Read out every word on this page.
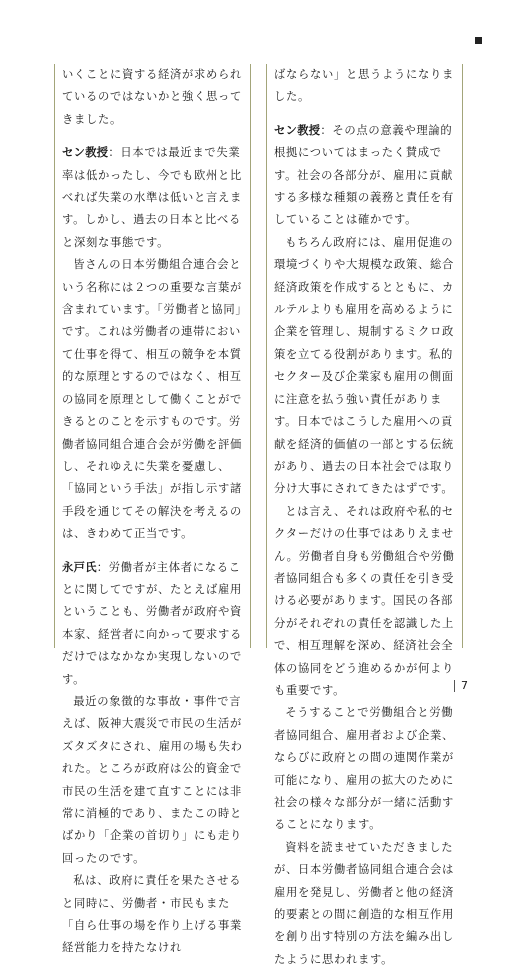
いくことに資する経済が求められているのではないかと強く思ってきました。

セン教授：日本では最近まで失業率は低かったし、今でも欧州と比べれば失業の水準は低いと言えます。しかし、過去の日本と比べると深刻な事態です。

皆さんの日本労働組合連合会という名称には２つの重要な言葉が含まれています。「労働者と協同」です。これは労働者の連帯において仕事を得て、相互の競争を本質的な原理とするのではなく、相互の協同を原理として働くことができるとのことを示すものです。労働者協同組合連合会が労働を評価し、それゆえに失業を憂慮し、「協同という手法」が指し示す諸手段を通じてその解決を考えるのは、きわめて正当です。

永戸氏：労働者が主体者になることに関してですが、たとえば雇用ということも、労働者が政府や資本家、経営者に向かって要求するだけではなかなか実現しないのです。

最近の象徴的な事故・事件で言えば、阪神大震災で市民の生活がズタズタにされ、雇用の場も失われた。ところが政府は公的資金で市民の生活を建て直すことには非常に消極的であり、またこの時とばかり「企業の首切り」にも走り回ったのです。

私は、政府に責任を果たさせると同時に、労働者・市民もまた「自ら仕事の場を作り上げる事業経営能力を持たなけれ

ばならない」と思うようになりました。

セン教授：その点の意義や理論的根拠についてはまったく賛成です。社会の各部分が、雇用に貢献する多様な種類の義務と責任を有していることは確かです。

もちろん政府には、雇用促進の環境づくりや大規模な政策、総合経済政策を作成するとともに、カルテルよりも雇用を高めるように企業を管理し、規制するミクロ政策を立てる役割があります。私的セクター及び企業家も雇用の側面に注意を払う強い責任があります。日本ではこうした雇用への貢献を経済的価値の一部とする伝統があり、過去の日本社会では取り分け大事にされてきたはずです。

とは言え、それは政府や私的セクターだけの仕事ではありえません。労働者自身も労働組合や労働者協同組合も多くの責任を引き受ける必要があります。国民の各部分がそれぞれの責任を認識した上で、相互理解を深め、経済社会全体の協同をどう進めるかが何よりも重要です。

そうすることで労働組合と労働者協同組合、雇用者および企業、ならびに政府との間の連関作業が可能になり、雇用の拡大のために社会の様々な部分が一緒に活動することになります。

資料を読ませていただきましたが、日本労働者協同組合連合会は雇用を発見し、労働者と他の経済的要素との間に創造的な相互作用を創り出す特別の方法を編み出したように思われます。

7
